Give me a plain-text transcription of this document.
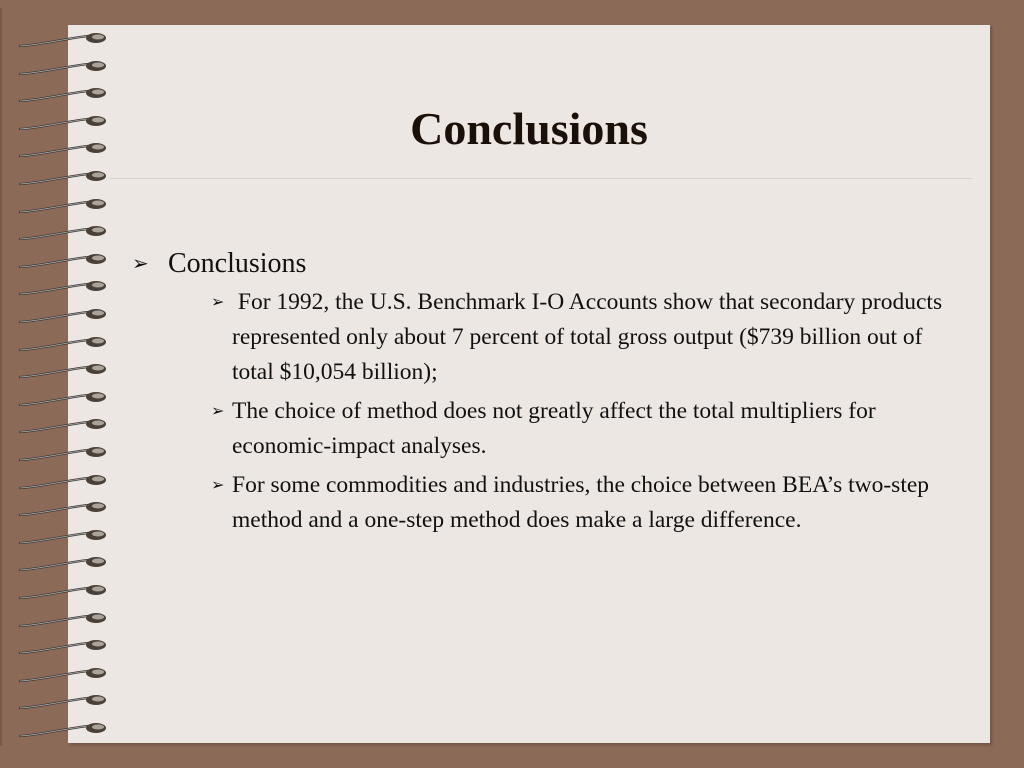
Conclusions
➢ Conclusions
➢ For 1992, the U.S. Benchmark I-O Accounts show that secondary products represented only about 7 percent of total gross output ($739 billion out of total $10,054 billion);
➢ The choice of method does not greatly affect the total multipliers for economic-impact analyses.
➢ For some commodities and industries, the choice between BEA’s two-step method and a one-step method does make a large difference.
